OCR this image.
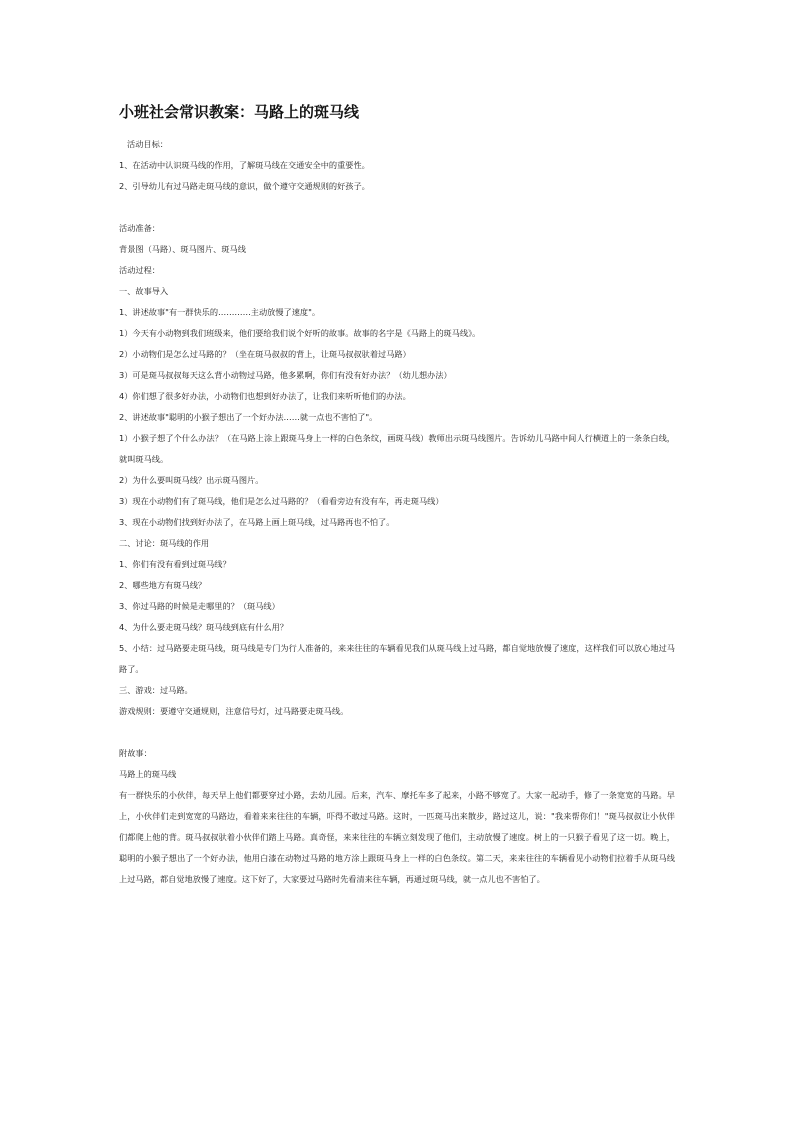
小班社会常识教案：马路上的斑马线
活动目标：
1、在活动中认识斑马线的作用，了解斑马线在交通安全中的重要性。
2、引导幼儿有过马路走斑马线的意识，做个遵守交通规则的好孩子。
活动准备：
背景图（马路）、斑马图片、斑马线
活动过程：
一、故事导入
1、讲述故事"有一群快乐的…………主动放慢了速度"。
1）今天有小动物到我们班级来，他们要给我们说个好听的故事。故事的名字是《马路上的斑马线》。
2）小动物们是怎么过马路的？（坐在斑马叔叔的背上，让斑马叔叔驮着过马路）
3）可是斑马叔叔每天这么背小动物过马路，他多累啊，你们有没有好办法？（幼儿想办法）
4）你们想了很多好办法，小动物们也想到好办法了，让我们来听听他们的办法。
2、讲述故事"聪明的小猴子想出了一个好办法……就一点也不害怕了"。
1）小猴子想了个什么办法？（在马路上涂上跟斑马身上一样的白色条纹，画斑马线）教师出示斑马线图片。告诉幼儿马路中间人行横道上的一条条白线，就叫斑马线。
2）为什么要叫斑马线？出示斑马图片。
3）现在小动物们有了斑马线，他们是怎么过马路的？（看看旁边有没有车，再走斑马线）
3、现在小动物们找到好办法了，在马路上画上斑马线，过马路再也不怕了。
二、讨论：斑马线的作用
1、你们有没有看到过斑马线？
2、哪些地方有斑马线？
3、你过马路的时候是走哪里的？（斑马线）
4、为什么要走斑马线？斑马线到底有什么用？
5、小结：过马路要走斑马线，斑马线是专门为行人准备的，来来往往的车辆看见我们从斑马线上过马路，都自觉地放慢了速度，这样我们可以放心地过马路了。
三、游戏：过马路。
游戏规则：要遵守交通规则，注意信号灯，过马路要走斑马线。
附故事：
马路上的斑马线
有一群快乐的小伙伴，每天早上他们都要穿过小路，去幼儿园。后来，汽车、摩托车多了起来，小路不够宽了。大家一起动手，修了一条宽宽的马路。早上，小伙伴们走到宽宽的马路边，看着来来往往的车辆，吓得不敢过马路。这时，一匹斑马出来散步，路过这儿，说："我来帮你们！"斑马叔叔让小伙伴们都爬上他的背。斑马叔叔驮着小伙伴们踏上马路。真奇怪，来来往往的车辆立刻发现了他们，主动放慢了速度。树上的一只猴子看见了这一切。晚上，聪明的小猴子想出了一个好办法，他用白漆在动物过马路的地方涂上跟斑马身上一样的白色条纹。第二天，来来往往的车辆看见小动物们拉着手从斑马线上过马路，都自觉地放慢了速度。这下好了，大家要过马路时先看清来往车辆，再通过斑马线，就一点儿也不害怕了。
